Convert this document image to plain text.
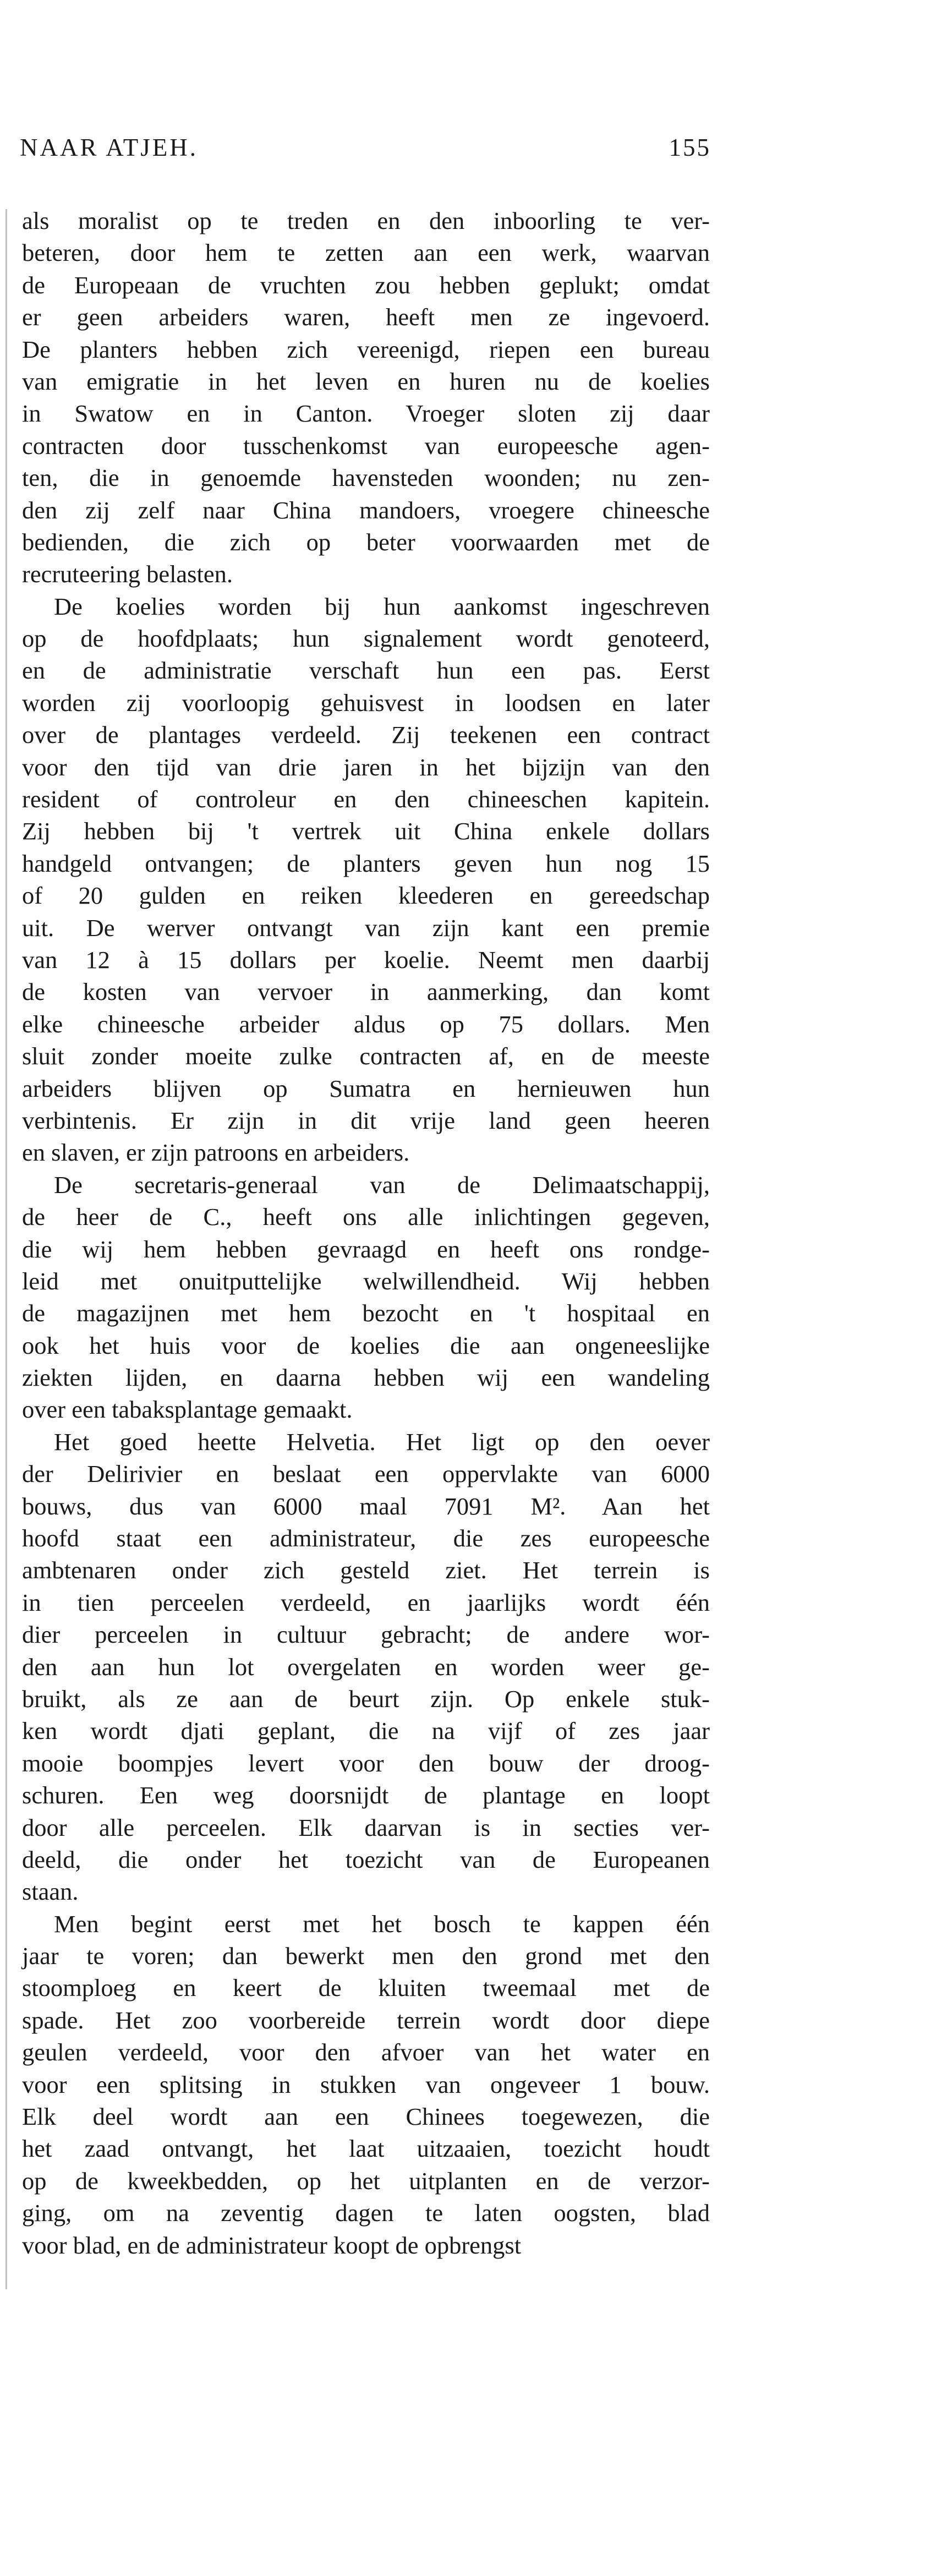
NAAR ATJEH.	155
als moralist op te treden en den inboorling te ver-
beteren, door hem te zetten aan een werk, waarvan
de Europeaan de vruchten zou hebben geplukt; omdat
er geen arbeiders waren, heeft men ze ingevoerd.
De planters hebben zich vereenigd, riepen een bureau
van emigratie in het leven en huren nu de koelies
in Swatow en in Canton. Vroeger sloten zij daar
contracten door tusschenkomst van europeesche agen-
ten, die in genoemde havensteden woonden; nu zen-
den zij zelf naar China mandoers, vroegere chineesche
bedienden, die zich op beter voorwaarden met de
recruteering belasten.
De koelies worden bij hun aankomst ingeschreven
op de hoofdplaats; hun signalement wordt genoteerd,
en de administratie verschaft hun een pas. Eerst
worden zij voorloopig gehuisvest in loodsen en later
over de plantages verdeeld. Zij teekenen een contract
voor den tijd van drie jaren in het bijzijn van den
resident of controleur en den chineeschen kapitein.
Zij hebben bij 't vertrek uit China enkele dollars
handgeld ontvangen; de planters geven hun nog 15
of 20 gulden en reiken kleederen en gereedschap
uit. De werver ontvangt van zijn kant een premie
van 12 à 15 dollars per koelie. Neemt men daarbij
de kosten van vervoer in aanmerking, dan komt
elke chineesche arbeider aldus op 75 dollars. Men
sluit zonder moeite zulke contracten af, en de meeste
arbeiders blijven op Sumatra en hernieuwen hun
verbintenis. Er zijn in dit vrije land geen heeren
en slaven, er zijn patroons en arbeiders.
De secretaris-generaal van de Delimaatschappij,
de heer de C., heeft ons alle inlichtingen gegeven,
die wij hem hebben gevraagd en heeft ons rondge-
leid met onuitputtelijke welwillendheid. Wij hebben
de magazijnen met hem bezocht en 't hospitaal en
ook het huis voor de koelies die aan ongeneeslijke
ziekten lijden, en daarna hebben wij een wandeling
over een tabaksplantage gemaakt.
Het goed heette Helvetia. Het ligt op den oever
der Delirivier en beslaat een oppervlakte van 6000
bouws, dus van 6000 maal 7091 M². Aan het
hoofd staat een administrateur, die zes europeesche
ambtenaren onder zich gesteld ziet. Het terrein is
in tien perceelen verdeeld, en jaarlijks wordt één
dier perceelen in cultuur gebracht; de andere wor-
den aan hun lot overgelaten en worden weer ge-
bruikt, als ze aan de beurt zijn. Op enkele stuk-
ken wordt djati geplant, die na vijf of zes jaar
mooie boompjes levert voor den bouw der droog-
schuren. Een weg doorsnijdt de plantage en loopt
door alle perceelen. Elk daarvan is in secties ver-
deeld, die onder het toezicht van de Europeanen
staan.
Men begint eerst met het bosch te kappen één
jaar te voren; dan bewerkt men den grond met den
stoomploeg en keert de kluiten tweemaal met de
spade. Het zoo voorbereide terrein wordt door diepe
geulen verdeeld, voor den afvoer van het water en
voor een splitsing in stukken van ongeveer 1 bouw.
Elk deel wordt aan een Chinees toegewezen, die
het zaad ontvangt, het laat uitzaaien, toezicht houdt
op de kweekbedden, op het uitplanten en de verzor-
ging, om na zeventig dagen te laten oogsten, blad
voor blad, en de administrateur koopt de opbrengst
